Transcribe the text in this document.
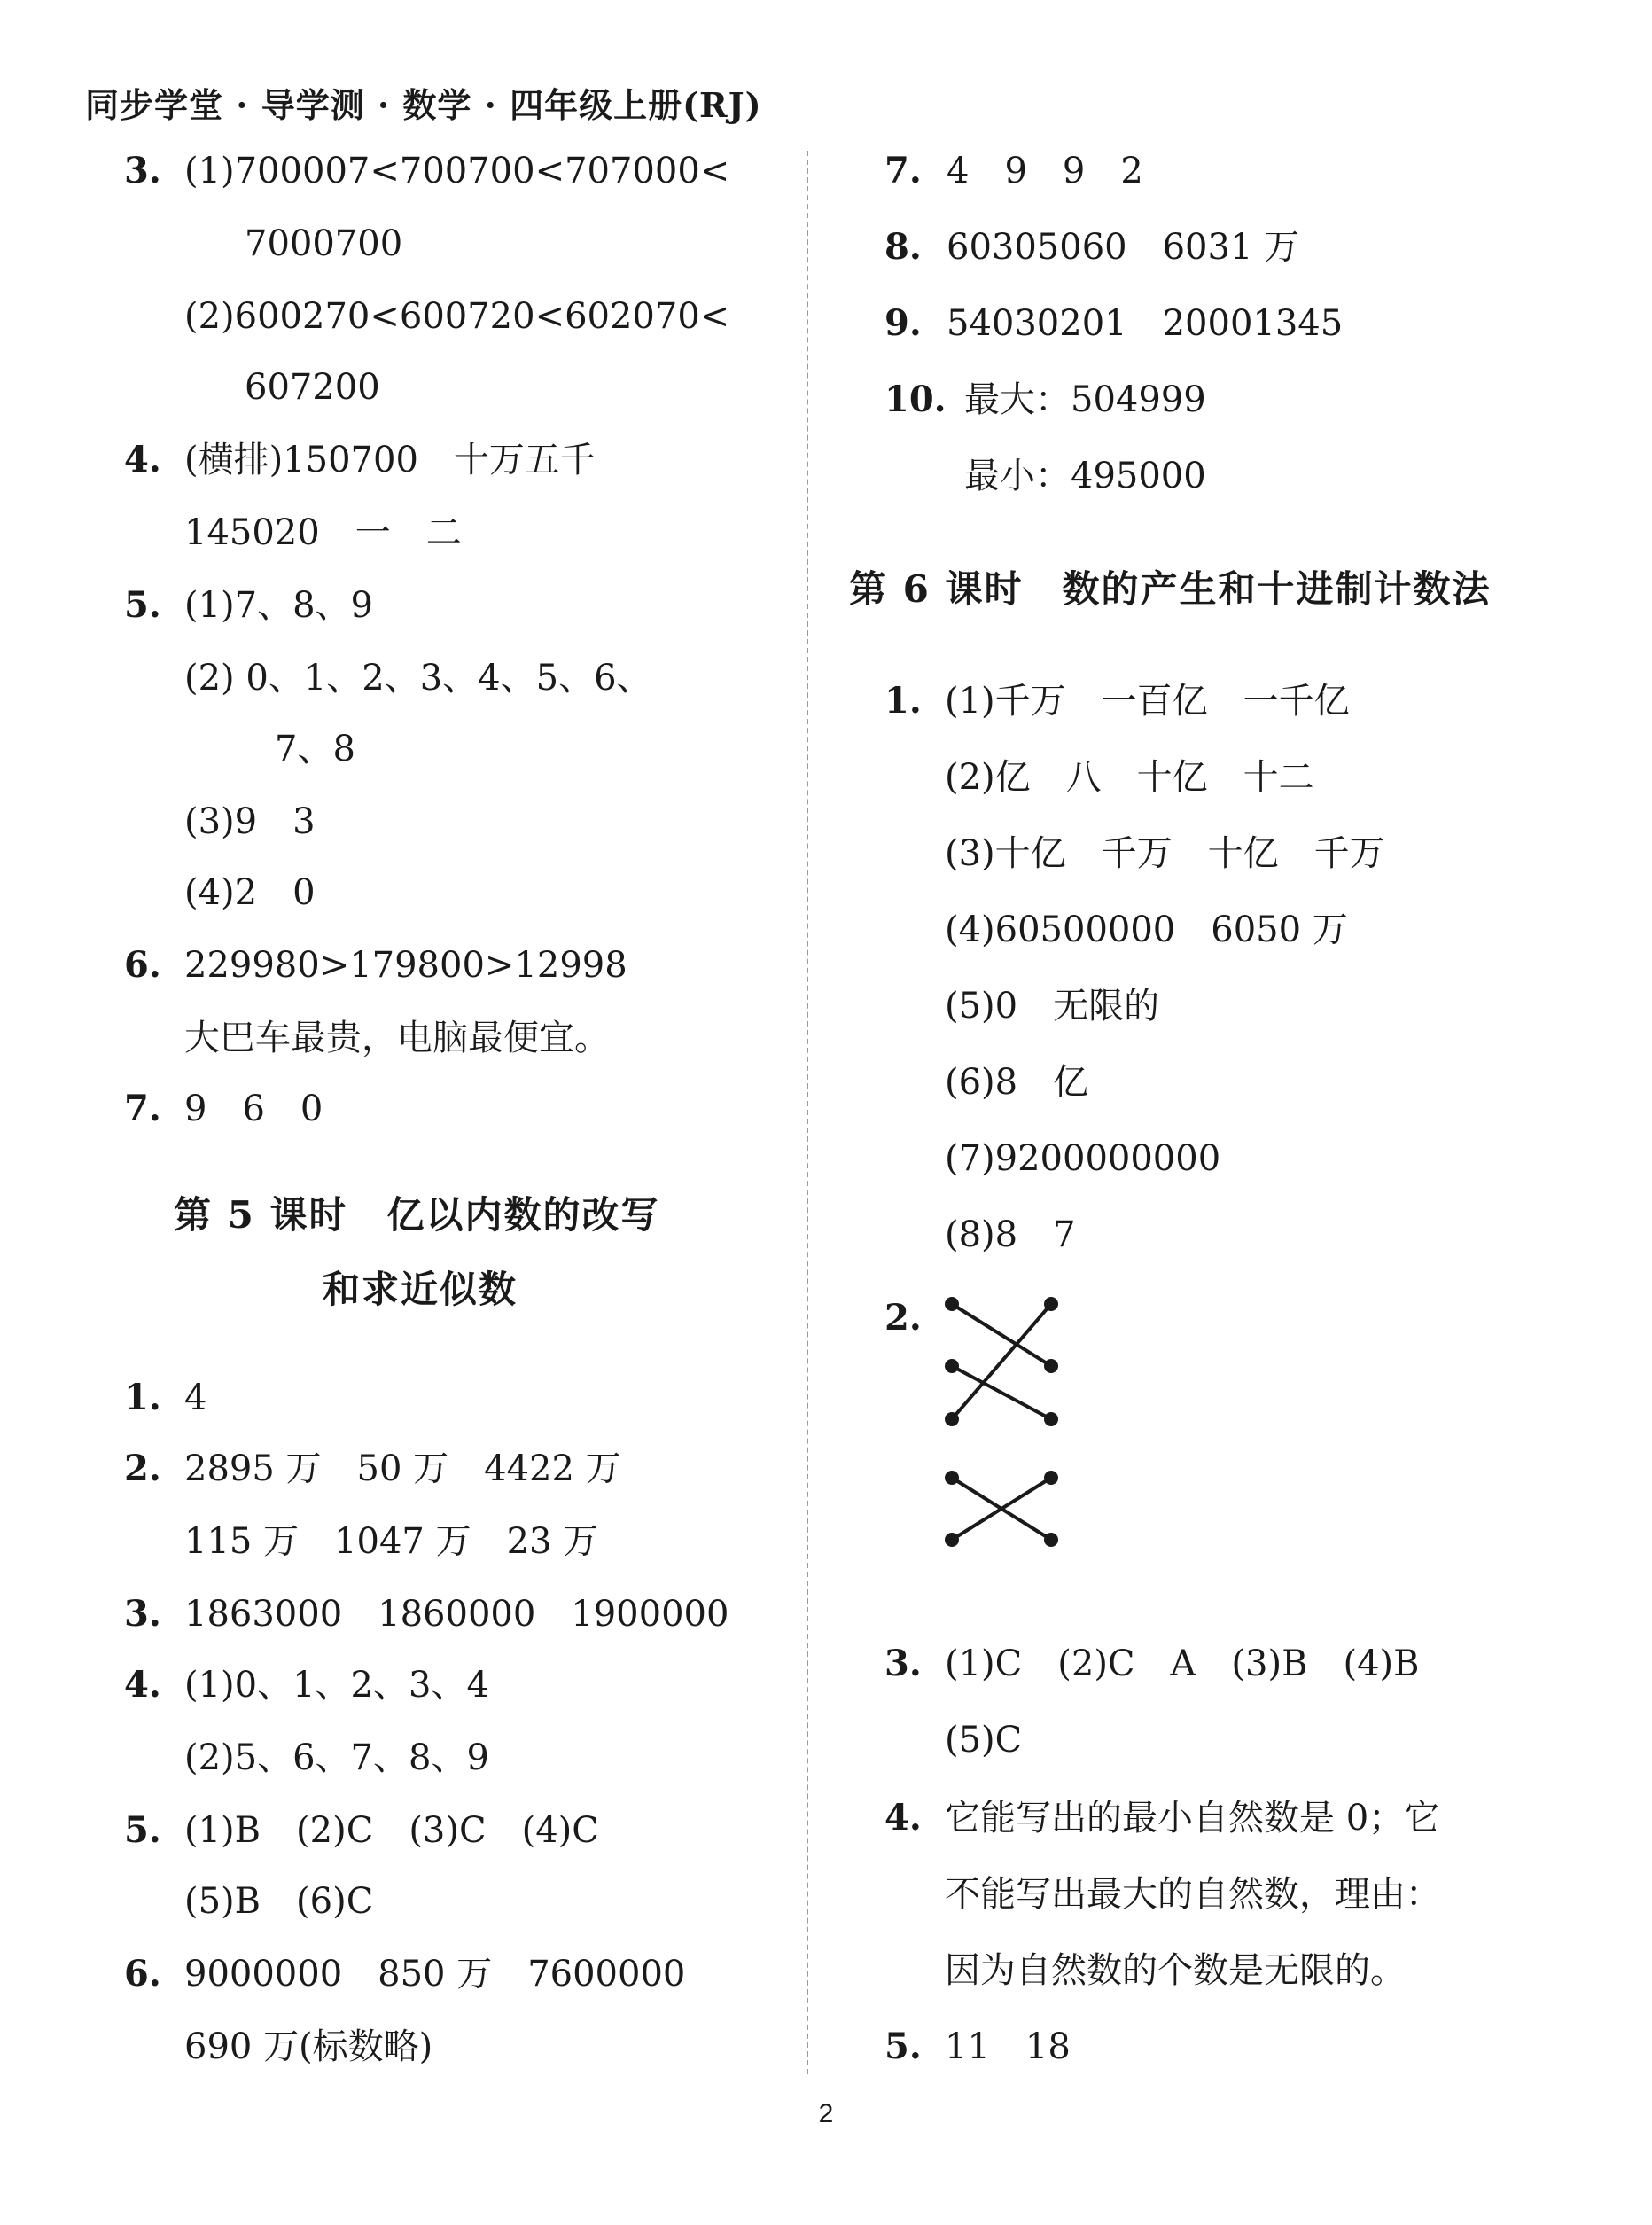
同步学堂 · 导学测 · 数学 · 四年级上册(RJ)
3. (1)700007<700700<707000<
7000700
(2)600270<600720<602070<
607200
4. (横排)150700　十万五千
145020　一　二
5. (1)7、8、9
(2) 0、1、2、3、4、5、6、
7、8
(3)9　3
(4)2　0
6. 229980>179800>12998
大巴车最贵，电脑最便宜。
7. 9　6　0
第 5 课时　亿以内数的改写
和求近似数
1. 4
2. 2895 万　50 万　4422 万
115 万　1047 万　23 万
3. 1863000　1860000　1900000
4. (1)0、1、2、3、4
(2)5、6、7、8、9
5. (1)B　(2)C　(3)C　(4)C
(5)B　(6)C
6. 9000000　850 万　7600000
690 万(标数略)
7. 4　9　9　2
8. 60305060　6031 万
9. 54030201　20001345
10. 最大：504999
最小：495000
第 6 课时　数的产生和十进制计数法
1. (1)千万　一百亿　一千亿
(2)亿　八　十亿　十二
(3)十亿　千万　十亿　千万
(4)60500000　6050 万
(5)0　无限的
(6)8　亿
(7)9200000000
(8)8　7
2.
3. (1)C　(2)C　A　(3)B　(4)B
(5)C
4. 它能写出的最小自然数是 0；它
不能写出最大的自然数，理由：
因为自然数的个数是无限的。
5. 11　18
2
